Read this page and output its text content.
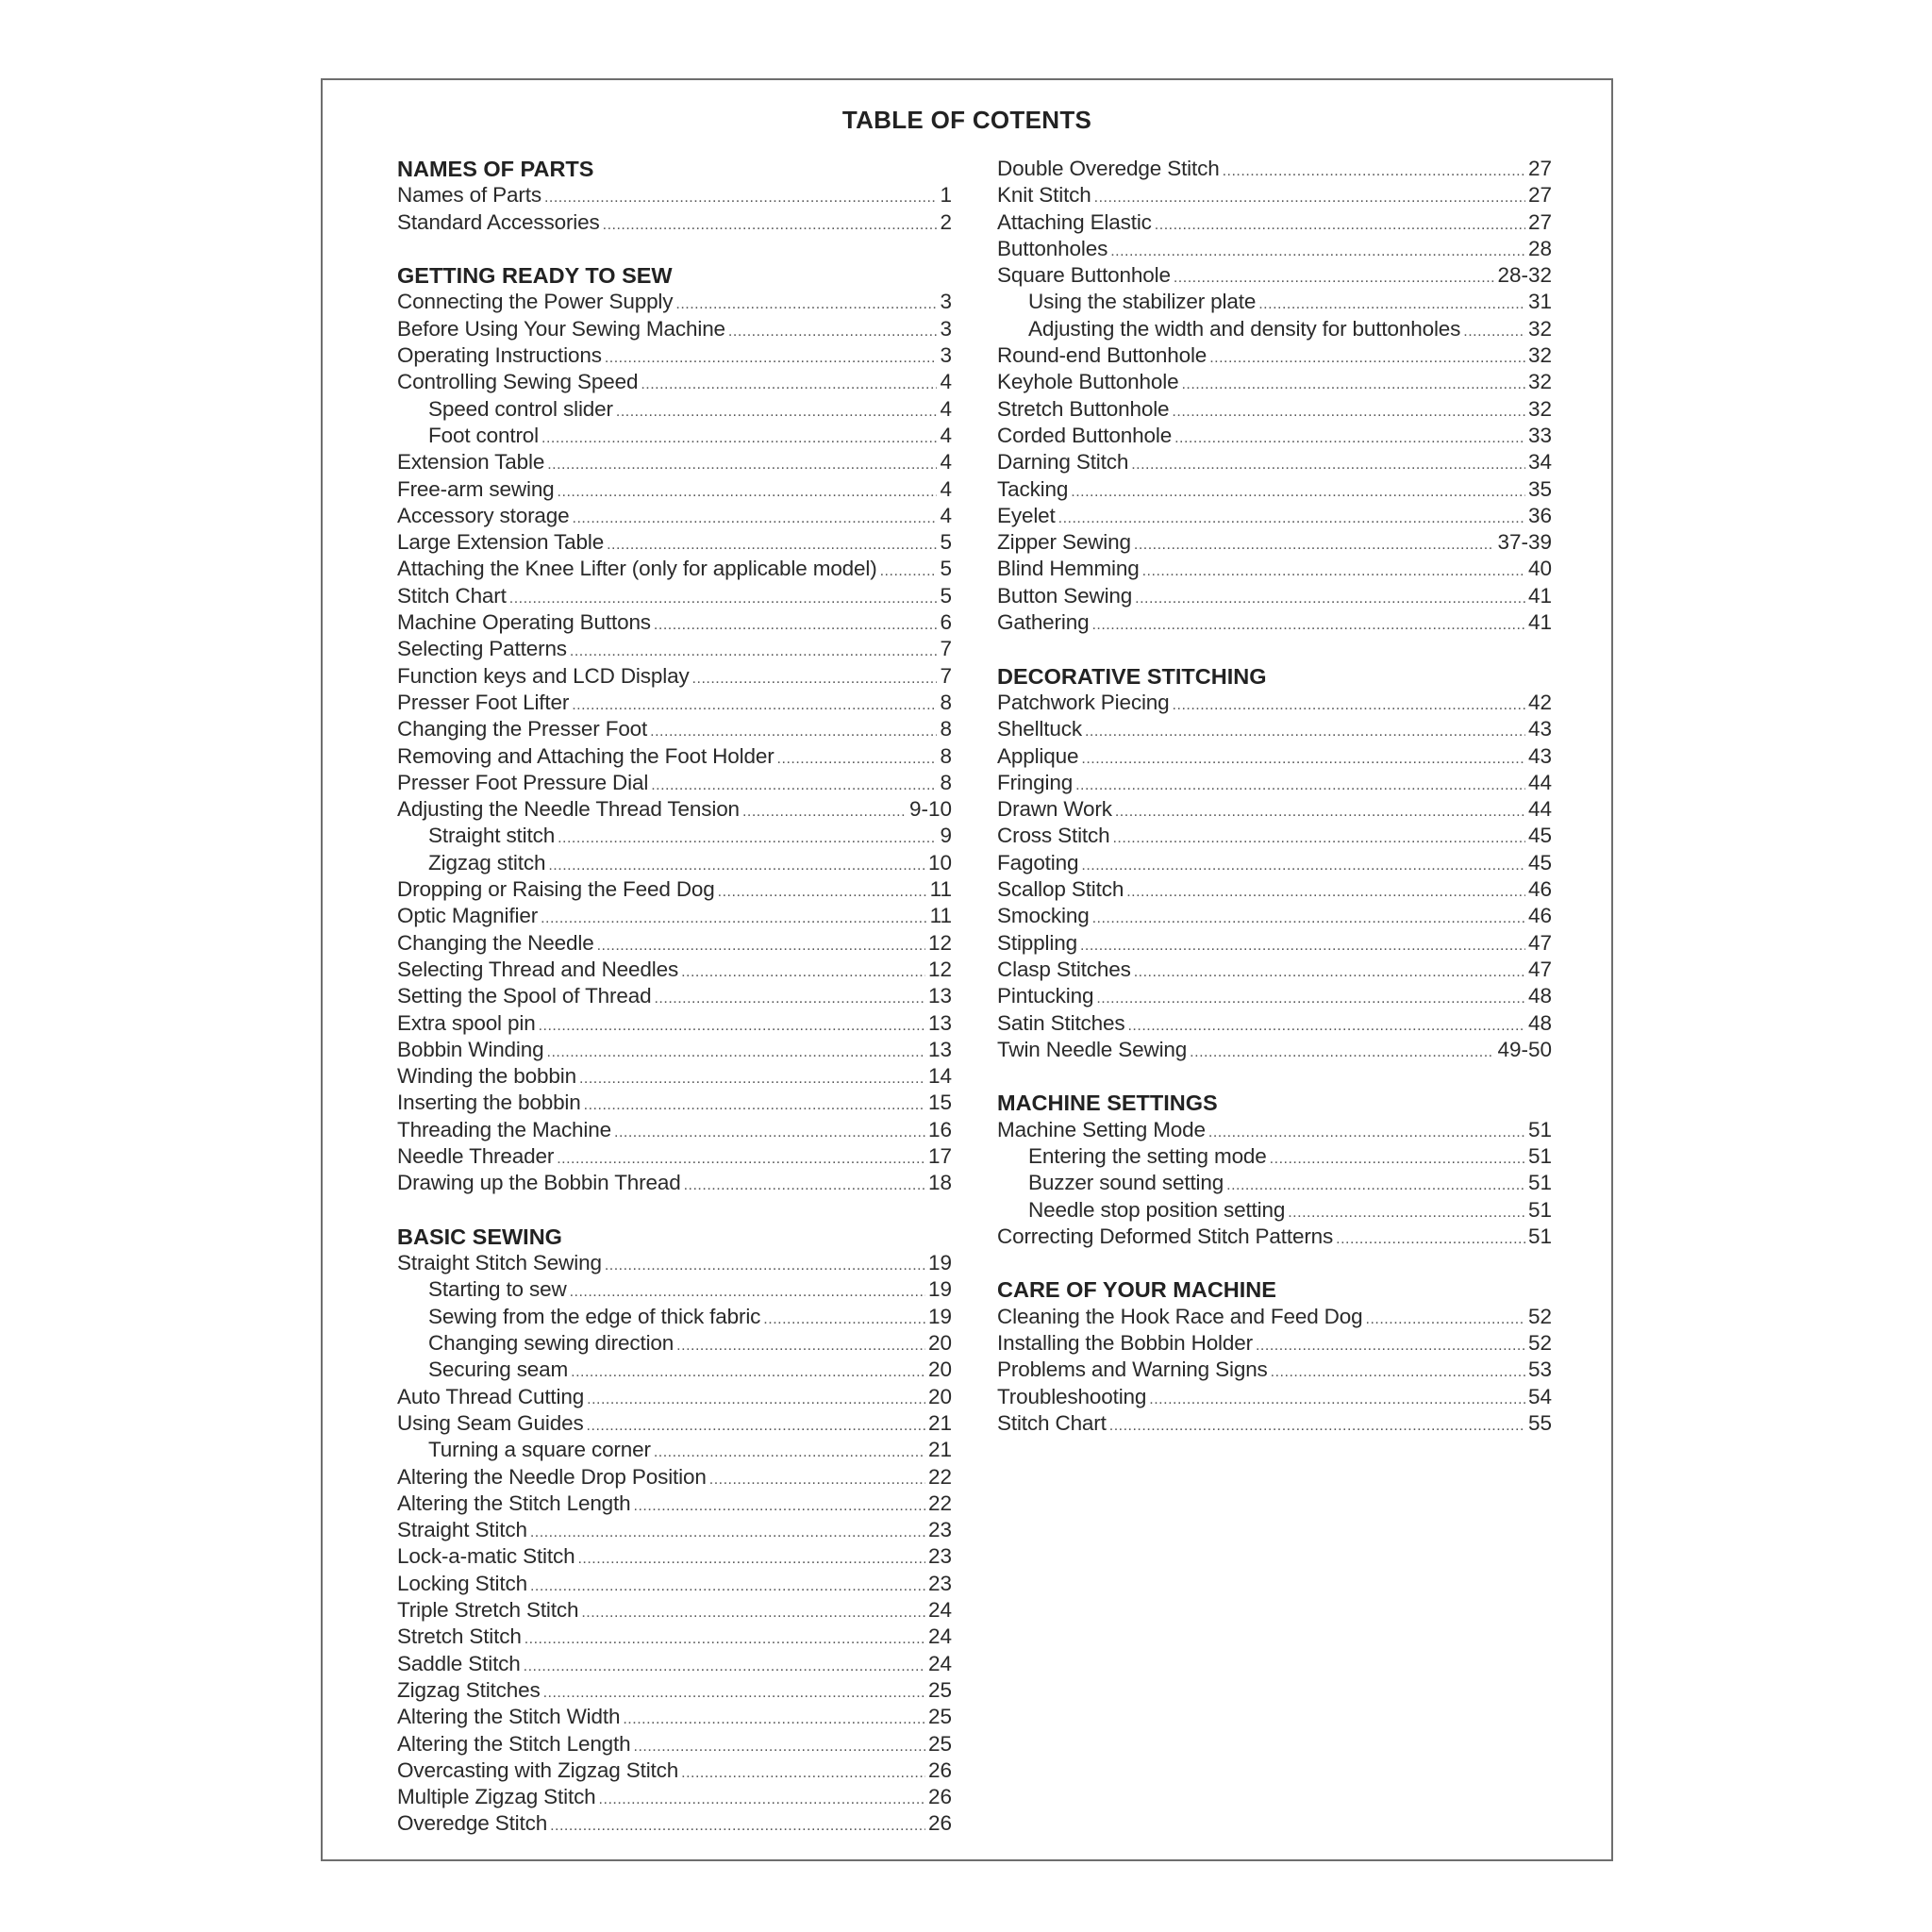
TABLE OF COTENTS
NAMES OF PARTS
Names of Parts .....	1
Standard Accessories .....	2
GETTING READY TO SEW
Connecting the Power Supply .....	3
Before Using Your Sewing Machine .....	3
Operating Instructions .....	3
Controlling Sewing Speed .....	4
Speed control slider .....	4
Foot control .....	4
Extension Table .....	4
Free-arm sewing .....	4
Accessory storage .....	4
Large Extension Table .....	5
Attaching the Knee Lifter (only for applicable model) .....	5
Stitch Chart .....	5
Machine Operating Buttons .....	6
Selecting Patterns .....	7
Function keys and LCD Display .....	7
Presser Foot Lifter .....	8
Changing the Presser Foot .....	8
Removing and Attaching the Foot Holder .....	8
Presser Foot Pressure Dial .....	8
Adjusting the Needle Thread Tension .....	9-10
Straight stitch .....	9
Zigzag stitch .....	10
Dropping or Raising the Feed Dog .....	11
Optic Magnifier .....	11
Changing the Needle .....	12
Selecting Thread and Needles .....	12
Setting the Spool of Thread .....	13
Extra spool pin .....	13
Bobbin Winding .....	13
Winding the bobbin .....	14
Inserting the bobbin .....	15
Threading the Machine .....	16
Needle Threader .....	17
Drawing up the Bobbin Thread .....	18
BASIC SEWING
Straight Stitch Sewing .....	19
Starting to sew .....	19
Sewing from the edge of thick fabric .....	19
Changing sewing direction .....	20
Securing seam .....	20
Auto Thread Cutting .....	20
Using Seam Guides .....	21
Turning a square corner .....	21
Altering the Needle Drop Position .....	22
Altering the Stitch Length .....	22
Straight Stitch .....	23
Lock-a-matic Stitch .....	23
Locking Stitch .....	23
Triple Stretch Stitch .....	24
Stretch Stitch .....	24
Saddle Stitch .....	24
Zigzag Stitches .....	25
Altering the Stitch Width .....	25
Altering the Stitch Length .....	25
Overcasting with Zigzag Stitch .....	26
Multiple Zigzag Stitch .....	26
Overedge Stitch .....	26
Double Overedge Stitch .....	27
Knit Stitch .....	27
Attaching Elastic .....	27
Buttonholes .....	28
Square Buttonhole .....	28-32
Using the stabilizer plate .....	31
Adjusting the width and density for buttonholes .....	32
Round-end Buttonhole .....	32
Keyhole Buttonhole .....	32
Stretch Buttonhole .....	32
Corded Buttonhole .....	33
Darning Stitch .....	34
Tacking .....	35
Eyelet .....	36
Zipper Sewing .....	37-39
Blind Hemming .....	40
Button Sewing .....	41
Gathering .....	41
DECORATIVE STITCHING
Patchwork Piecing .....	42
Shelltuck .....	43
Applique .....	43
Fringing .....	44
Drawn Work .....	44
Cross Stitch .....	45
Fagoting .....	45
Scallop Stitch .....	46
Smocking .....	46
Stippling .....	47
Clasp Stitches .....	47
Pintucking .....	48
Satin Stitches .....	48
Twin Needle Sewing .....	49-50
MACHINE SETTINGS
Machine Setting Mode .....	51
Entering the setting mode .....	51
Buzzer sound setting .....	51
Needle stop position setting .....	51
Correcting Deformed Stitch Patterns .....	51
CARE OF YOUR MACHINE
Cleaning the Hook Race and Feed Dog .....	52
Installing the Bobbin Holder .....	52
Problems and Warning Signs .....	53
Troubleshooting .....	54
Stitch Chart .....	55
